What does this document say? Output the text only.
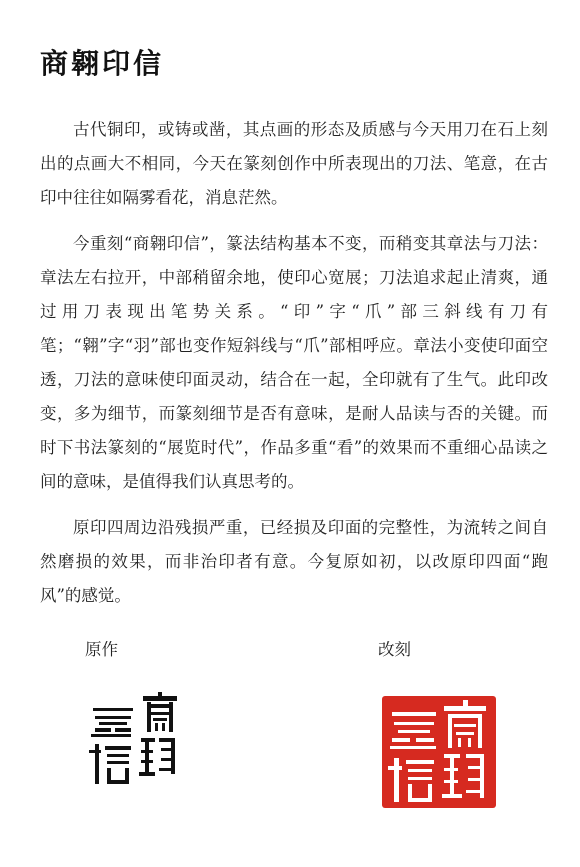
商翱印信

古代铜印，或铸或凿，其点画的形态及质感与今天用刀在石上刻出的点画大不相同，今天在篆刻创作中所表现出的刀法、笔意，在古印中往往如隔雾看花，消息茫然。

今重刻“商翱印信”，篆法结构基本不变，而稍变其章法与刀法：章法左右拉开，中部稍留余地，使印心宽展；刀法追求起止清爽，通过用刀表现出笔势关系。“印”字“爪”部三斜线有刀有笔；“翱”字“羽”部也变作短斜线与“爪”部相呼应。章法小变使印面空透，刀法的意味使印面灵动，结合在一起，全印就有了生气。此印改变，多为细节，而篆刻细节是否有意味，是耐人品读与否的关键。而时下书法篆刻的“展览时代”，作品多重“看”的效果而不重细心品读之间的意味，是值得我们认真思考的。

原印四周边沿残损严重，已经损及印面的完整性，为流转之间自然磨损的效果，而非治印者有意。今复原如初，以改原印四面“跑风”的感觉。

原作	改刻
